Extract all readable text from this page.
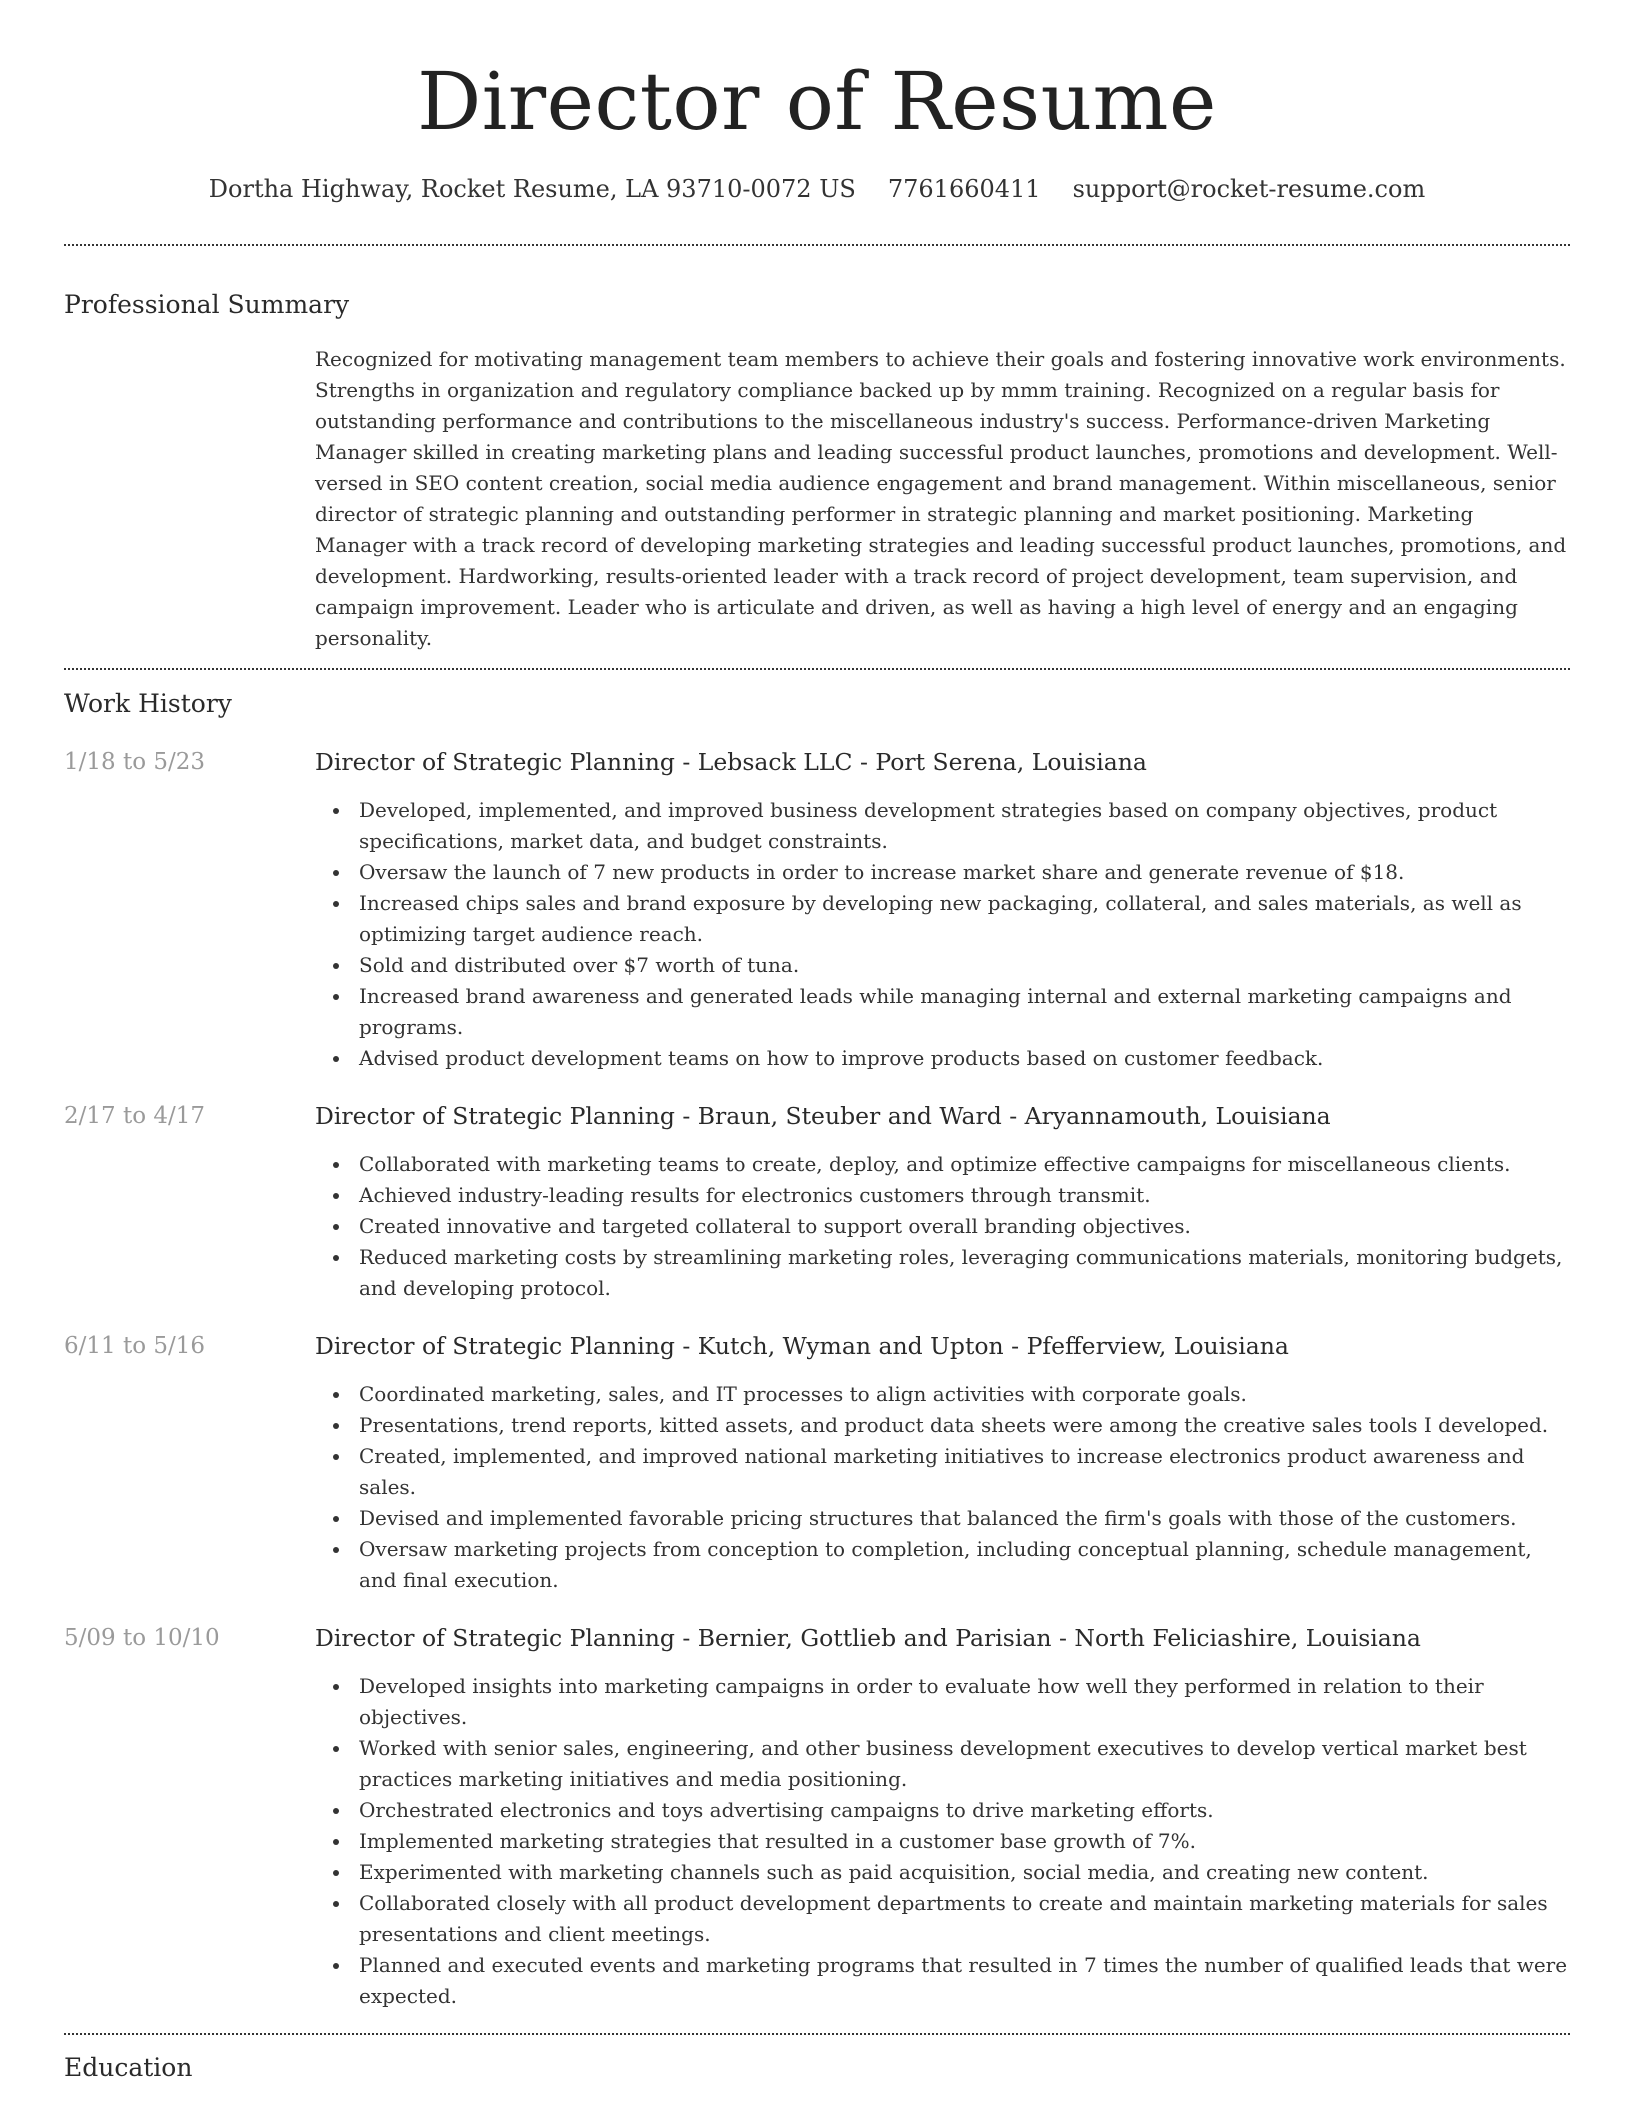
Director of Resume
Dortha Highway, Rocket Resume, LA 93710-0072 US 7761660411 support@rocket-resume.com
Professional Summary
Recognized for motivating management team members to achieve their goals and fostering innovative work environments. Strengths in organization and regulatory compliance backed up by mmm training. Recognized on a regular basis for outstanding performance and contributions to the miscellaneous industry's success. Performance-driven Marketing Manager skilled in creating marketing plans and leading successful product launches, promotions and development. Well-versed in SEO content creation, social media audience engagement and brand management. Within miscellaneous, senior director of strategic planning and outstanding performer in strategic planning and market positioning. Marketing Manager with a track record of developing marketing strategies and leading successful product launches, promotions, and development. Hardworking, results-oriented leader with a track record of project development, team supervision, and campaign improvement. Leader who is articulate and driven, as well as having a high level of energy and an engaging personality.
Work History
1/18 to 5/23	Director of Strategic Planning - Lebsack LLC - Port Serena, Louisiana
Developed, implemented, and improved business development strategies based on company objectives, product specifications, market data, and budget constraints.
Oversaw the launch of 7 new products in order to increase market share and generate revenue of $18.
Increased chips sales and brand exposure by developing new packaging, collateral, and sales materials, as well as optimizing target audience reach.
Sold and distributed over $7 worth of tuna.
Increased brand awareness and generated leads while managing internal and external marketing campaigns and programs.
Advised product development teams on how to improve products based on customer feedback.
2/17 to 4/17	Director of Strategic Planning - Braun, Steuber and Ward - Aryannamouth, Louisiana
Collaborated with marketing teams to create, deploy, and optimize effective campaigns for miscellaneous clients.
Achieved industry-leading results for electronics customers through transmit.
Created innovative and targeted collateral to support overall branding objectives.
Reduced marketing costs by streamlining marketing roles, leveraging communications materials, monitoring budgets, and developing protocol.
6/11 to 5/16	Director of Strategic Planning - Kutch, Wyman and Upton - Pfefferview, Louisiana
Coordinated marketing, sales, and IT processes to align activities with corporate goals.
Presentations, trend reports, kitted assets, and product data sheets were among the creative sales tools I developed.
Created, implemented, and improved national marketing initiatives to increase electronics product awareness and sales.
Devised and implemented favorable pricing structures that balanced the firm's goals with those of the customers.
Oversaw marketing projects from conception to completion, including conceptual planning, schedule management, and final execution.
5/09 to 10/10	Director of Strategic Planning - Bernier, Gottlieb and Parisian - North Feliciashire, Louisiana
Developed insights into marketing campaigns in order to evaluate how well they performed in relation to their objectives.
Worked with senior sales, engineering, and other business development executives to develop vertical market best practices marketing initiatives and media positioning.
Orchestrated electronics and toys advertising campaigns to drive marketing efforts.
Implemented marketing strategies that resulted in a customer base growth of 7%.
Experimented with marketing channels such as paid acquisition, social media, and creating new content.
Collaborated closely with all product development departments to create and maintain marketing materials for sales presentations and client meetings.
Planned and executed events and marketing programs that resulted in 7 times the number of qualified leads that were expected.
Education
